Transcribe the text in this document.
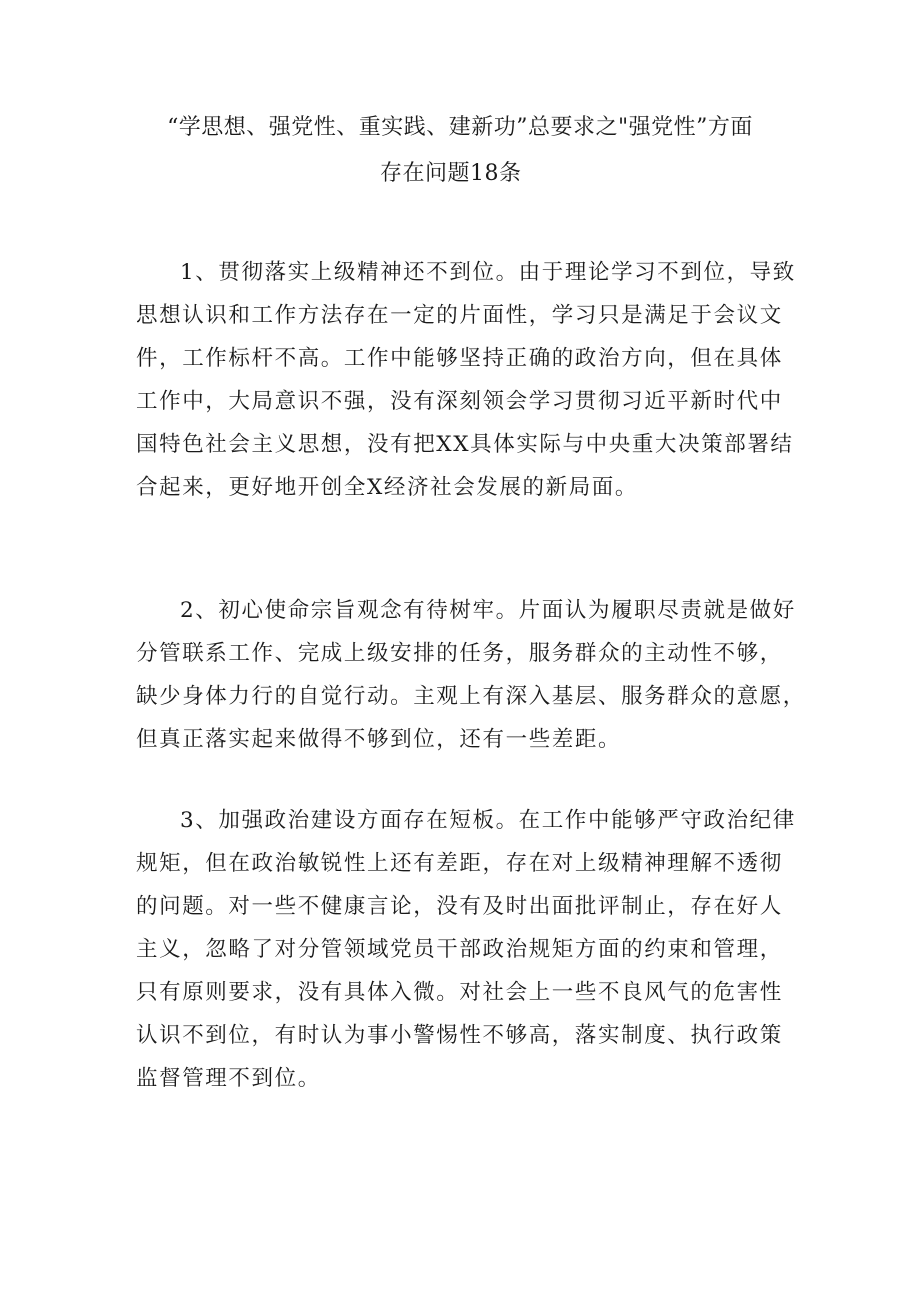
“学思想、强党性、重实践、建新功”总要求之"强党性”方面
存在问题18条

1、贯彻落实上级精神还不到位。由于理论学习不到位，导致
思想认识和工作方法存在一定的片面性，学习只是满足于会议文
件，工作标杆不高。工作中能够坚持正确的政治方向，但在具体
工作中，大局意识不强，没有深刻领会学习贯彻习近平新时代中
国特色社会主义思想，没有把XX具体实际与中央重大决策部署结
合起来，更好地开创全X经济社会发展的新局面。

2、初心使命宗旨观念有待树牢。片面认为履职尽责就是做好
分管联系工作、完成上级安排的任务，服务群众的主动性不够，
缺少身体力行的自觉行动。主观上有深入基层、服务群众的意愿，
但真正落实起来做得不够到位，还有一些差距。

3、加强政治建设方面存在短板。在工作中能够严守政治纪律
规矩，但在政治敏锐性上还有差距，存在对上级精神理解不透彻
的问题。对一些不健康言论，没有及时出面批评制止，存在好人
主义，忽略了对分管领域党员干部政治规矩方面的约束和管理，
只有原则要求，没有具体入微。对社会上一些不良风气的危害性
认识不到位，有时认为事小警惕性不够高，落实制度、执行政策
监督管理不到位。
